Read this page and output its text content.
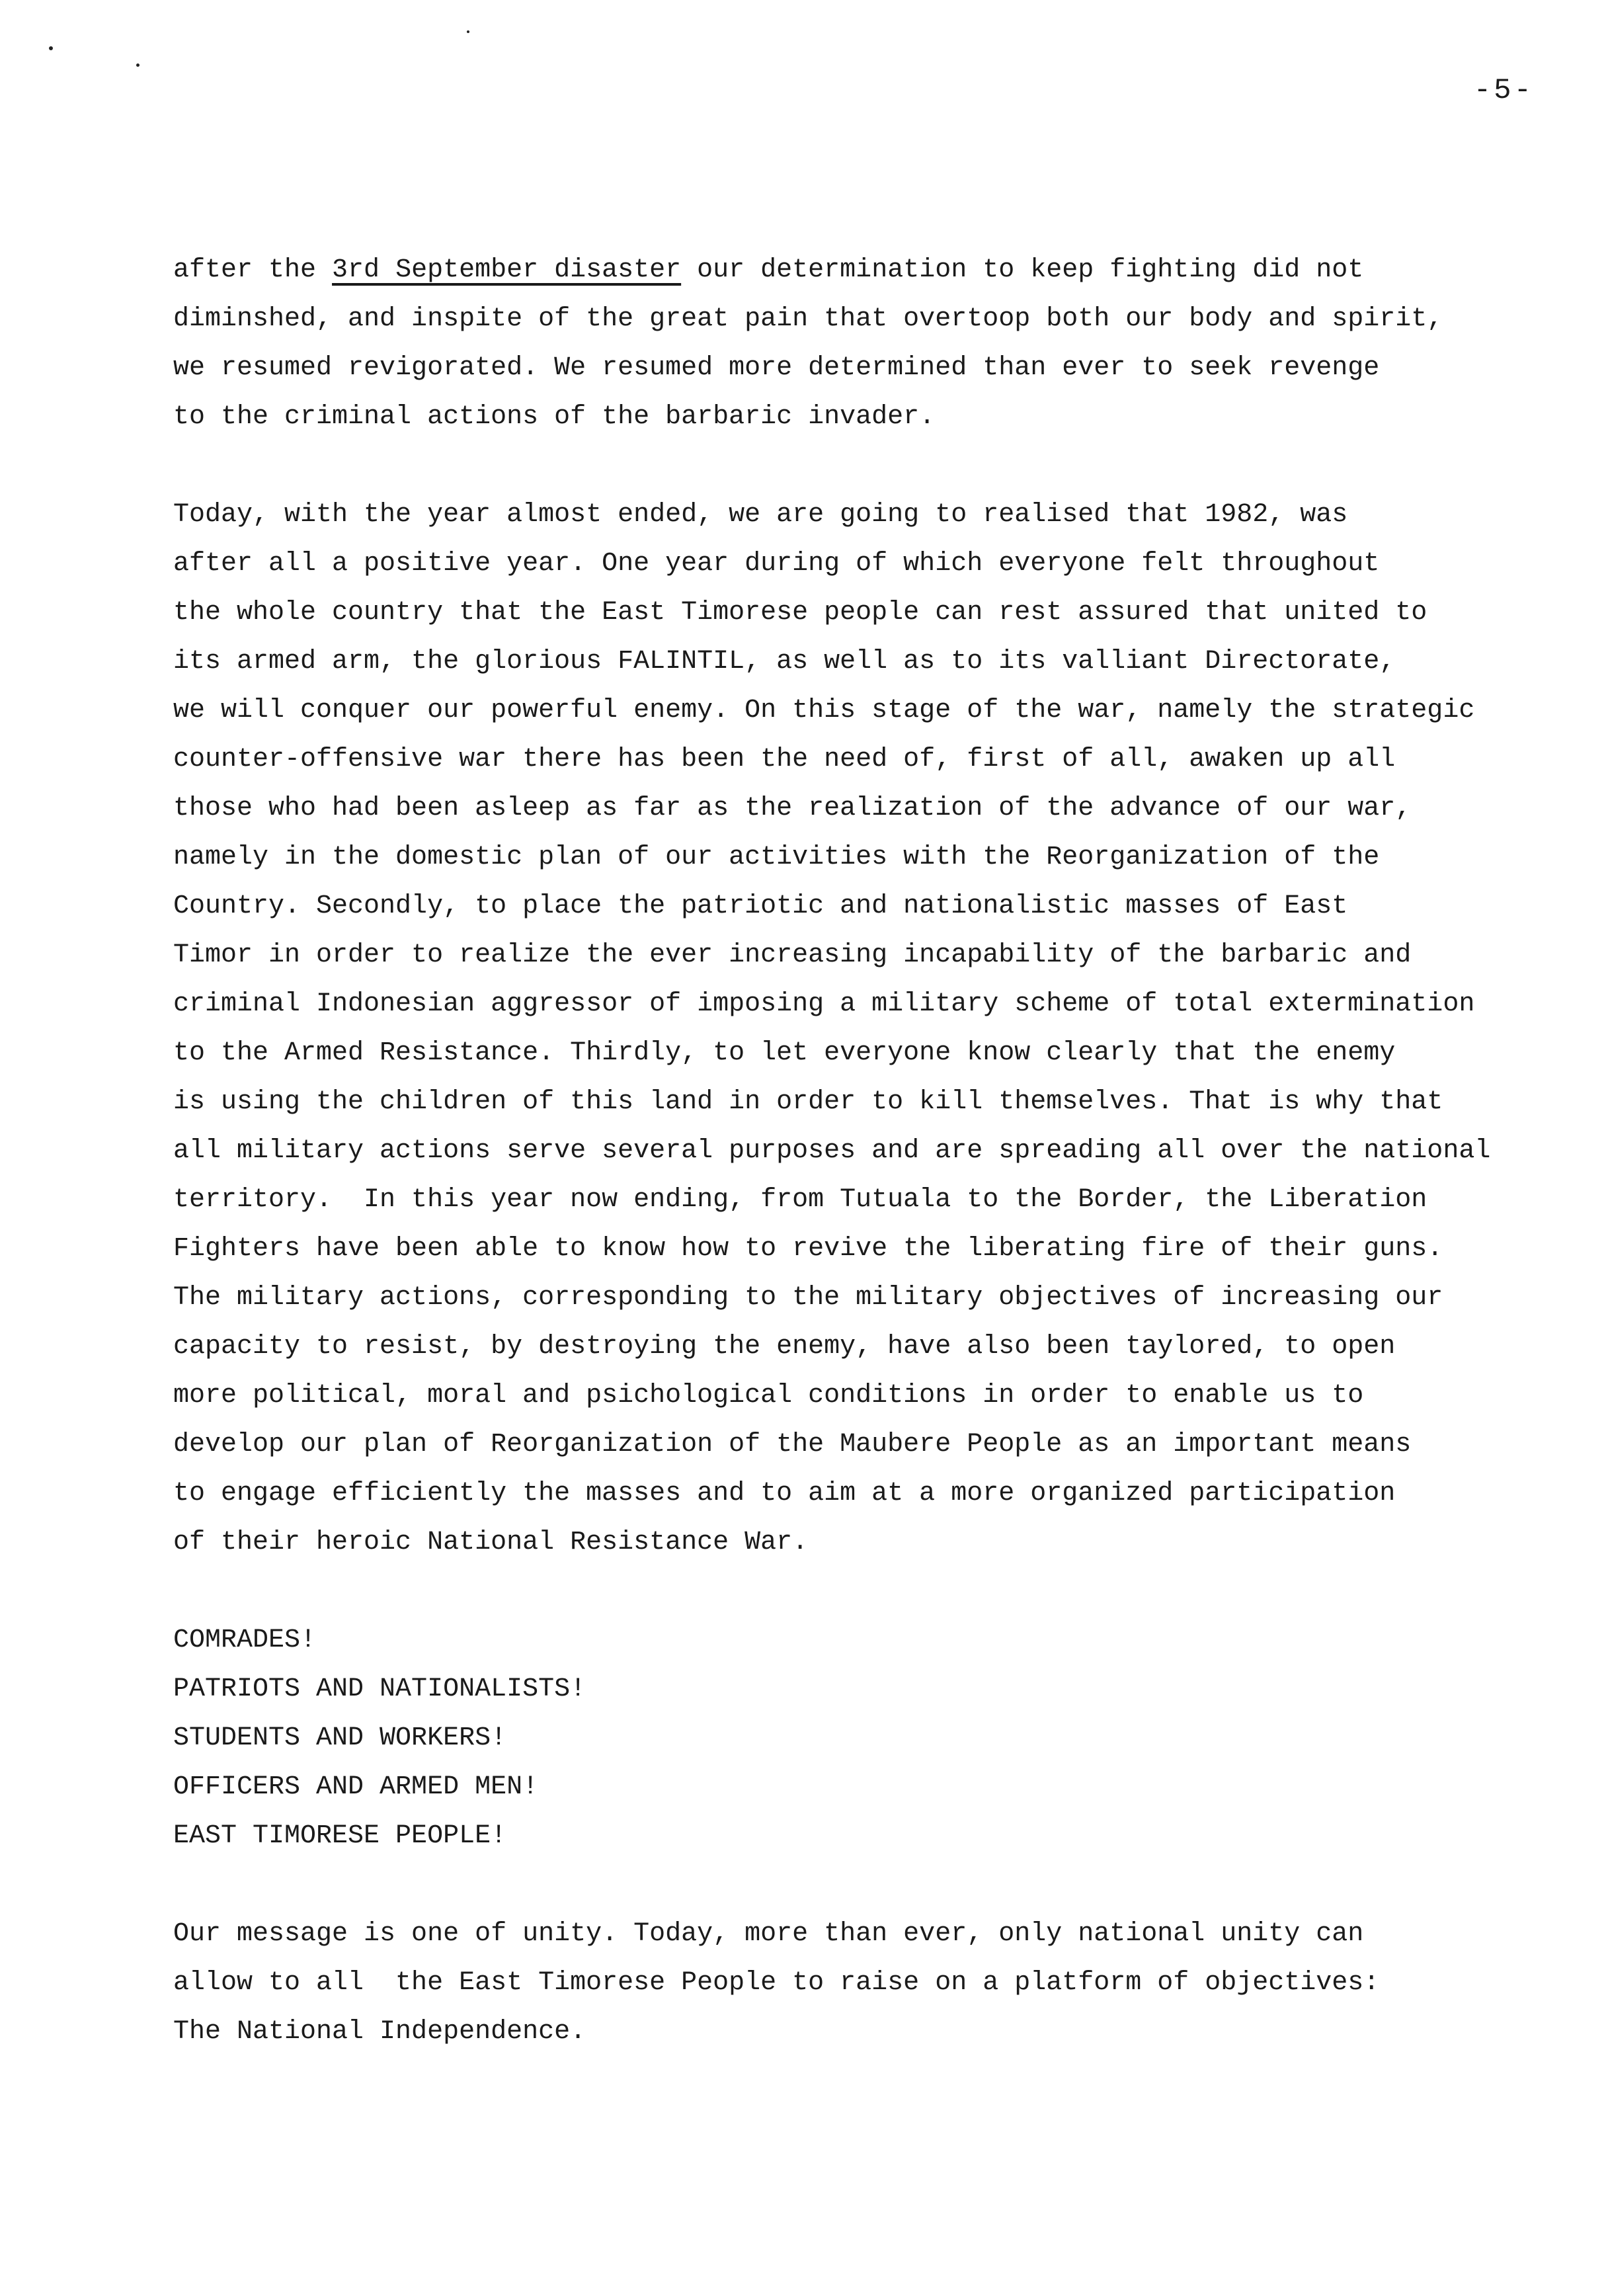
-5-
after the 3rd September disaster our determination to keep fighting did not
diminshed, and inspite of the great pain that overtoop both our body and spirit,
we resumed revigorated. We resumed more determined than ever to seek revenge
to the criminal actions of the barbaric invader.
Today, with the year almost ended, we are going to realised that 1982, was
after all a positive year. One year during of which everyone felt throughout
the whole country that the East Timorese people can rest assured that united to
its armed arm, the glorious FALINTIL, as well as to its valliant Directorate,
we will conquer our powerful enemy. On this stage of the war, namely the strategic
counter-offensive war there has been the need of, first of all, awaken up all
those who had been asleep as far as the realization of the advance of our war,
namely in the domestic plan of our activities with the Reorganization of the
Country. Secondly, to place the patriotic and nationalistic masses of East
Timor in order to realize the ever increasing incapability of the barbaric and
criminal Indonesian aggressor of imposing a military scheme of total extermination
to the Armed Resistance. Thirdly, to let everyone know clearly that the enemy
is using the children of this land in order to kill themselves. That is why that
all military actions serve several purposes and are spreading all over the national
territory.  In this year now ending, from Tutuala to the Border, the Liberation
Fighters have been able to know how to revive the liberating fire of their guns.
The military actions, corresponding to the military objectives of increasing our
capacity to resist, by destroying the enemy, have also been taylored, to open
more political, moral and psichological conditions in order to enable us to
develop our plan of Reorganization of the Maubere People as an important means
to engage efficiently the masses and to aim at a more organized participation
of their heroic National Resistance War.
COMRADES!
PATRIOTS AND NATIONALISTS!
STUDENTS AND WORKERS!
OFFICERS AND ARMED MEN!
EAST TIMORESE PEOPLE!
Our message is one of unity. Today, more than ever, only national unity can
allow to all  the East Timorese People to raise on a platform of objectives:
The National Independence.
